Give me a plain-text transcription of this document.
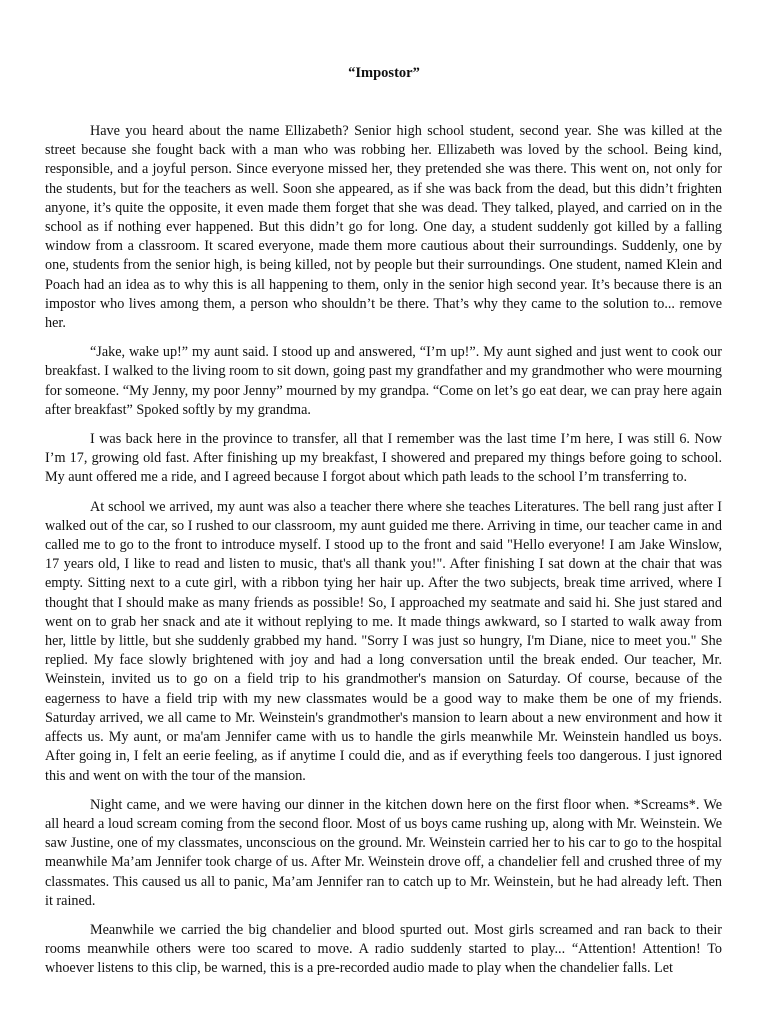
“Impostor”

Have you heard about the name Ellizabeth? Senior high school student, second year. She was killed at the street because she fought back with a man who was robbing her. Ellizabeth was loved by the school. Being kind, responsible, and a joyful person. Since everyone missed her, they pretended she was there. This went on, not only for the students, but for the teachers as well. Soon she appeared, as if she was back from the dead, but this didn’t frighten anyone, it’s quite the opposite, it even made them forget that she was dead. They talked, played, and carried on in the school as if nothing ever happened. But this didn’t go for long. One day, a student suddenly got killed by a falling window from a classroom. It scared everyone, made them more cautious about their surroundings. Suddenly, one by one, students from the senior high, is being killed, not by people but their surroundings. One student, named Klein and Poach had an idea as to why this is all happening to them, only in the senior high second year. It’s because there is an impostor who lives among them, a person who shouldn’t be there. That’s why they came to the solution to... remove her.

“Jake, wake up!” my aunt said. I stood up and answered, “I’m up!”. My aunt sighed and just went to cook our breakfast. I walked to the living room to sit down, going past my grandfather and my grandmother who were mourning for someone. “My Jenny, my poor Jenny” mourned by my grandpa. “Come on let’s go eat dear, we can pray here again after breakfast” Spoked softly by my grandma.

I was back here in the province to transfer, all that I remember was the last time I’m here, I was still 6. Now I’m 17, growing old fast. After finishing up my breakfast, I showered and prepared my things before going to school. My aunt offered me a ride, and I agreed because I forgot about which path leads to the school I’m transferring to.

At school we arrived, my aunt was also a teacher there where she teaches Literatures. The bell rang just after I walked out of the car, so I rushed to our classroom, my aunt guided me there. Arriving in time, our teacher came in and called me to go to the front to introduce myself. I stood up to the front and said "Hello everyone! I am Jake Winslow, 17 years old, I like to read and listen to music, that's all thank you!". After finishing I sat down at the chair that was empty. Sitting next to a cute girl, with a ribbon tying her hair up. After the two subjects, break time arrived, where I thought that I should make as many friends as possible! So, I approached my seatmate and said hi. She just stared and went on to grab her snack and ate it without replying to me. It made things awkward, so I started to walk away from her, little by little, but she suddenly grabbed my hand. "Sorry I was just so hungry, I'm Diane, nice to meet you." She replied. My face slowly brightened with joy and had a long conversation until the break ended. Our teacher, Mr. Weinstein, invited us to go on a field trip to his grandmother's mansion on Saturday. Of course, because of the eagerness to have a field trip with my new classmates would be a good way to make them be one of my friends. Saturday arrived, we all came to Mr. Weinstein's grandmother's mansion to learn about a new environment and how it affects us. My aunt, or ma'am Jennifer came with us to handle the girls meanwhile Mr. Weinstein handled us boys. After going in, I felt an eerie feeling, as if anytime I could die, and as if everything feels too dangerous. I just ignored this and went on with the tour of the mansion.

Night came, and we were having our dinner in the kitchen down here on the first floor when. *Screams*. We all heard a loud scream coming from the second floor. Most of us boys came rushing up, along with Mr. Weinstein. We saw Justine, one of my classmates, unconscious on the ground. Mr. Weinstein carried her to his car to go to the hospital meanwhile Ma’am Jennifer took charge of us. After Mr. Weinstein drove off, a chandelier fell and crushed three of my classmates. This caused us all to panic, Ma’am Jennifer ran to catch up to Mr. Weinstein, but he had already left. Then it rained.

Meanwhile we carried the big chandelier and blood spurted out. Most girls screamed and ran back to their rooms meanwhile others were too scared to move. A radio suddenly started to play... “Attention! Attention! To whoever listens to this clip, be warned, this is a pre-recorded audio made to play when the chandelier falls. Let
